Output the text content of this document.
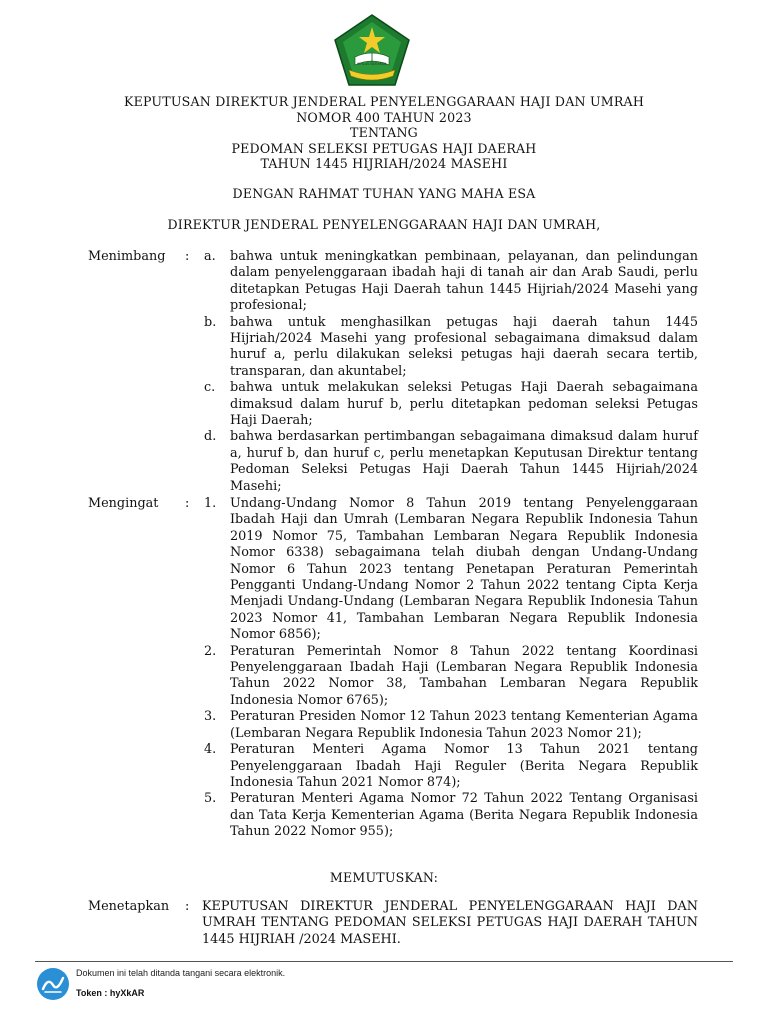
IKHLAS BERAMAL
KEPUTUSAN DIREKTUR JENDERAL PENYELENGGARAAN HAJI DAN UMRAH
NOMOR 400 TAHUN 2023
TENTANG
PEDOMAN SELEKSI PETUGAS HAJI DAERAH
TAHUN 1445 HIJRIAH/2024 MASEHI
DENGAN RAHMAT TUHAN YANG MAHA ESA
DIREKTUR JENDERAL PENYELENGGARAAN HAJI DAN UMRAH,
Menimbang : a. bahwa untuk meningkatkan pembinaan, pelayanan, dan pelindungan dalam penyelenggaraan ibadah haji di tanah air dan Arab Saudi, perlu ditetapkan Petugas Haji Daerah tahun 1445 Hijriah/2024 Masehi yang profesional;
b. bahwa untuk menghasilkan petugas haji daerah tahun 1445 Hijriah/2024 Masehi yang profesional sebagaimana dimaksud dalam huruf a, perlu dilakukan seleksi petugas haji daerah secara tertib, transparan, dan akuntabel;
c. bahwa untuk melakukan seleksi Petugas Haji Daerah sebagaimana dimaksud dalam huruf b, perlu ditetapkan pedoman seleksi Petugas Haji Daerah;
d. bahwa berdasarkan pertimbangan sebagaimana dimaksud dalam huruf a, huruf b, dan huruf c, perlu menetapkan Keputusan Direktur tentang Pedoman Seleksi Petugas Haji Daerah Tahun 1445 Hijriah/2024 Masehi;
Mengingat : 1. Undang-Undang Nomor 8 Tahun 2019 tentang Penyelenggaraan Ibadah Haji dan Umrah (Lembaran Negara Republik Indonesia Tahun 2019 Nomor 75, Tambahan Lembaran Negara Republik Indonesia Nomor 6338) sebagaimana telah diubah dengan Undang-Undang Nomor 6 Tahun 2023 tentang Penetapan Peraturan Pemerintah Pengganti Undang-Undang Nomor 2 Tahun 2022 tentang Cipta Kerja Menjadi Undang-Undang (Lembaran Negara Republik Indonesia Tahun 2023 Nomor 41, Tambahan Lembaran Negara Republik Indonesia Nomor 6856);
2. Peraturan Pemerintah Nomor 8 Tahun 2022 tentang Koordinasi Penyelenggaraan Ibadah Haji (Lembaran Negara Republik Indonesia Tahun 2022 Nomor 38, Tambahan Lembaran Negara Republik Indonesia Nomor 6765);
3. Peraturan Presiden Nomor 12 Tahun 2023 tentang Kementerian Agama (Lembaran Negara Republik Indonesia Tahun 2023 Nomor 21);
4. Peraturan Menteri Agama Nomor 13 Tahun 2021 tentang Penyelenggaraan Ibadah Haji Reguler (Berita Negara Republik Indonesia Tahun 2021 Nomor 874);
5. Peraturan Menteri Agama Nomor 72 Tahun 2022 Tentang Organisasi dan Tata Kerja Kementerian Agama (Berita Negara Republik Indonesia Tahun 2022 Nomor 955);
MEMUTUSKAN:
Menetapkan : KEPUTUSAN DIREKTUR JENDERAL PENYELENGGARAAN HAJI DAN UMRAH TENTANG PEDOMAN SELEKSI PETUGAS HAJI DAERAH TAHUN 1445 HIJRIAH /2024 MASEHI.
Dokumen ini telah ditanda tangani secara elektronik.
Token : hyXkAR
